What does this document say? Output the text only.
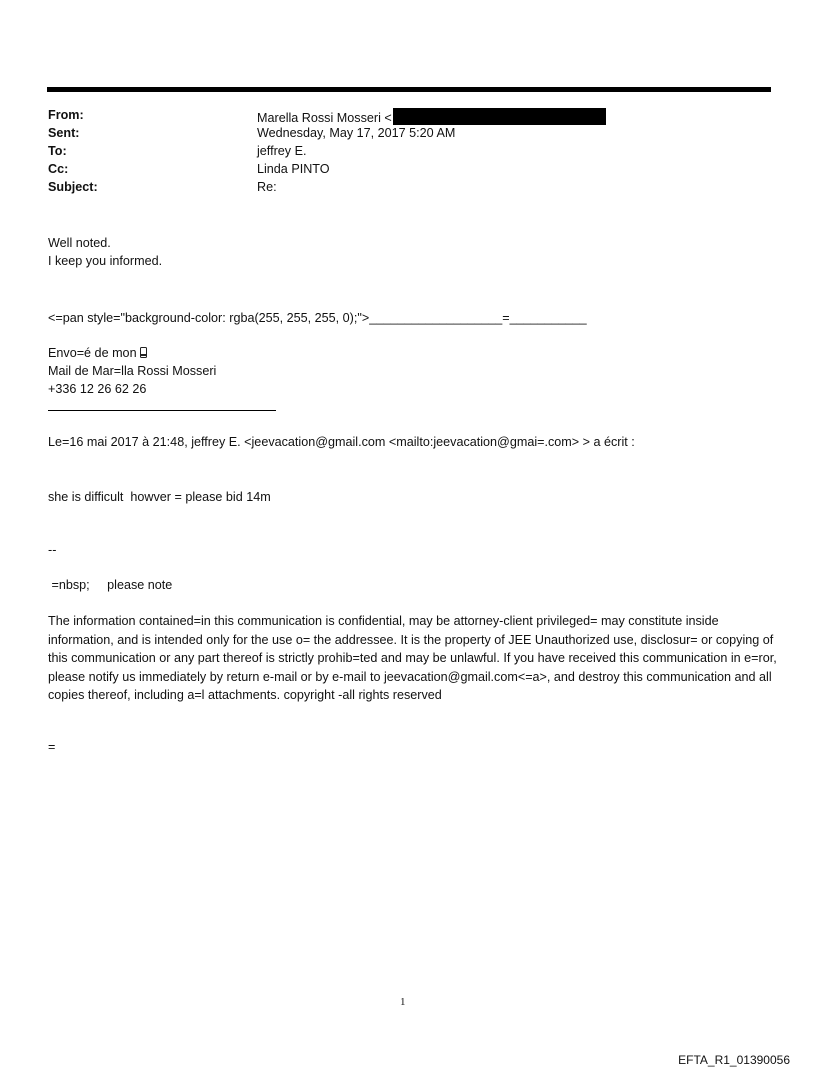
From:	Marella Rossi Mosseri <
Sent:	Wednesday, May 17, 2017 5:20 AM
To:	jeffrey E.
Cc:	Linda PINTO
Subject:	Re:
Well noted.
I keep you informed.
<=pan style="background-color: rgba(255, 255, 255, 0);">___________________=___________
Envo=é de mon
Mail de Mar=lla Rossi Mosseri
+336 12 26 62 26
Le=16 mai 2017 à 21:48, jeffrey E. <jeevacation@gmail.com <mailto:jeevacation@gmai=.com> > a écrit :
she is difficult  howver = please bid 14m
--
=nbsp;     please note
The information contained=in this communication is confidential, may be attorney-client privileged= may constitute inside information, and is intended only for the use o= the addressee. It is the property of JEE Unauthorized use, disclosur= or copying of this communication or any part thereof is strictly prohib=ted and may be unlawful. If you have received this communication in e=ror, please notify us immediately by return e-mail or by e-mail to jeevacation@gmail.com<=a>, and destroy this communication and all copies thereof, including a=l attachments. copyright -all rights reserved
=
1
EFTA_R1_01390056
